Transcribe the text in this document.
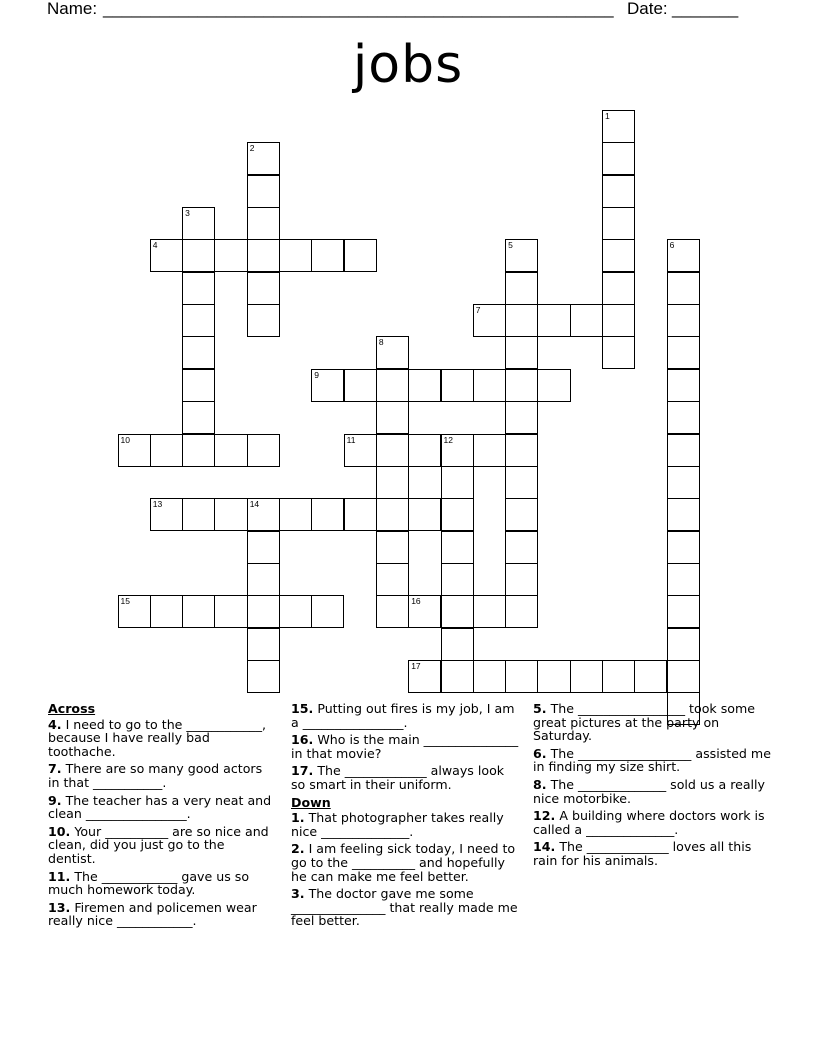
Name: ______________________________________________________ Date: _______
jobs
1
2
3
4	5	6
7
8
9
10	11	12
13	14
15	16
17
Across
4. I need to go to the ____________, because I have really bad toothache.
7. There are so many good actors in that ___________.
9. The teacher has a very neat and clean ________________.
10. Your __________ are so nice and clean, did you just go to the dentist.
11. The ____________ gave us so much homework today.
13. Firemen and policemen wear really nice ____________.
15. Putting out fires is my job, I am a ________________.
16. Who is the main _______________ in that movie?
17. The _____________ always look so smart in their uniform.
Down
1. That photographer takes really nice ______________.
2. I am feeling sick today, I need to go to the __________ and hopefully he can make me feel better.
3. The doctor gave me some _______________ that really made me feel better.
5. The _________________ took some great pictures at the party on Saturday.
6. The __________________ assisted me in finding my size shirt.
8. The ______________ sold us a really nice motorbike.
12. A building where doctors work is called a ______________.
14. The _____________ loves all this rain for his animals.
